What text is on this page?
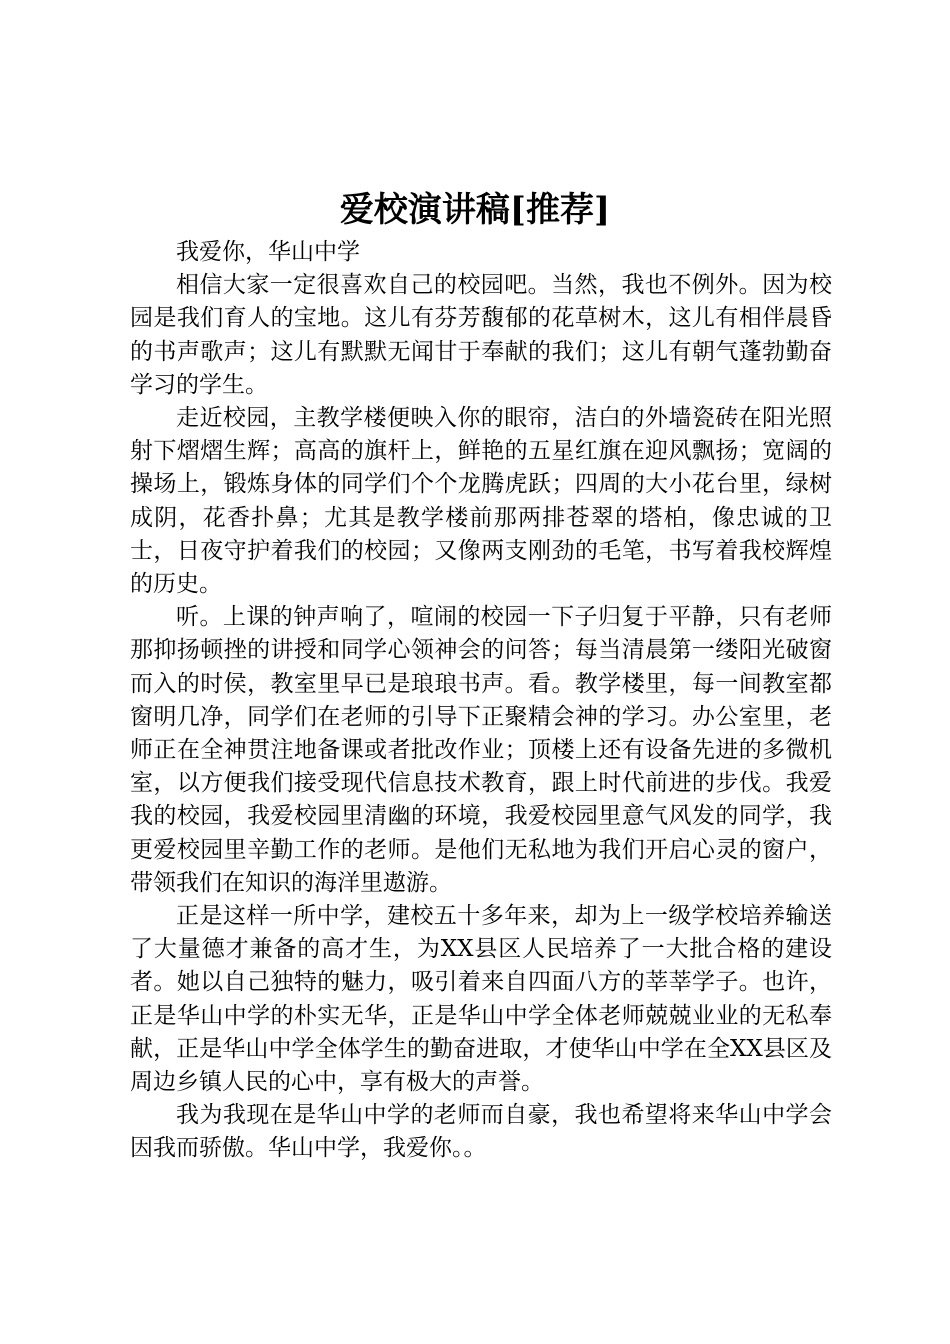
爱校演讲稿[推荐]

我爱你，华山中学

相信大家一定很喜欢自己的校园吧。当然，我也不例外。因为校园是我们育人的宝地。这儿有芬芳馥郁的花草树木，这儿有相伴晨昏的书声歌声；这儿有默默无闻甘于奉献的我们；这儿有朝气蓬勃勤奋学习的学生。

走近校园，主教学楼便映入你的眼帘，洁白的外墙瓷砖在阳光照射下熠熠生辉；高高的旗杆上，鲜艳的五星红旗在迎风飘扬；宽阔的操场上，锻炼身体的同学们个个龙腾虎跃；四周的大小花台里，绿树成阴，花香扑鼻；尤其是教学楼前那两排苍翠的塔柏，像忠诚的卫士，日夜守护着我们的校园；又像两支刚劲的毛笔，书写着我校辉煌的历史。

听。上课的钟声响了，喧闹的校园一下子归复于平静，只有老师那抑扬顿挫的讲授和同学心领神会的问答；每当清晨第一缕阳光破窗而入的时侯，教室里早已是琅琅书声。看。教学楼里，每一间教室都窗明几净，同学们在老师的引导下正聚精会神的学习。办公室里，老师正在全神贯注地备课或者批改作业；顶楼上还有设备先进的多微机室，以方便我们接受现代信息技术教育，跟上时代前进的步伐。我爱我的校园，我爱校园里清幽的环境，我爱校园里意气风发的同学，我更爱校园里辛勤工作的老师。是他们无私地为我们开启心灵的窗户，带领我们在知识的海洋里遨游。

正是这样一所中学，建校五十多年来，却为上一级学校培养输送了大量德才兼备的高才生，为XX县区人民培养了一大批合格的建设者。她以自己独特的魅力，吸引着来自四面八方的莘莘学子。也许，正是华山中学的朴实无华，正是华山中学全体老师兢兢业业的无私奉献，正是华山中学全体学生的勤奋进取，才使华山中学在全XX县区及周边乡镇人民的心中，享有极大的声誉。

我为我现在是华山中学的老师而自豪，我也希望将来华山中学会因我而骄傲。华山中学，我爱你。。
